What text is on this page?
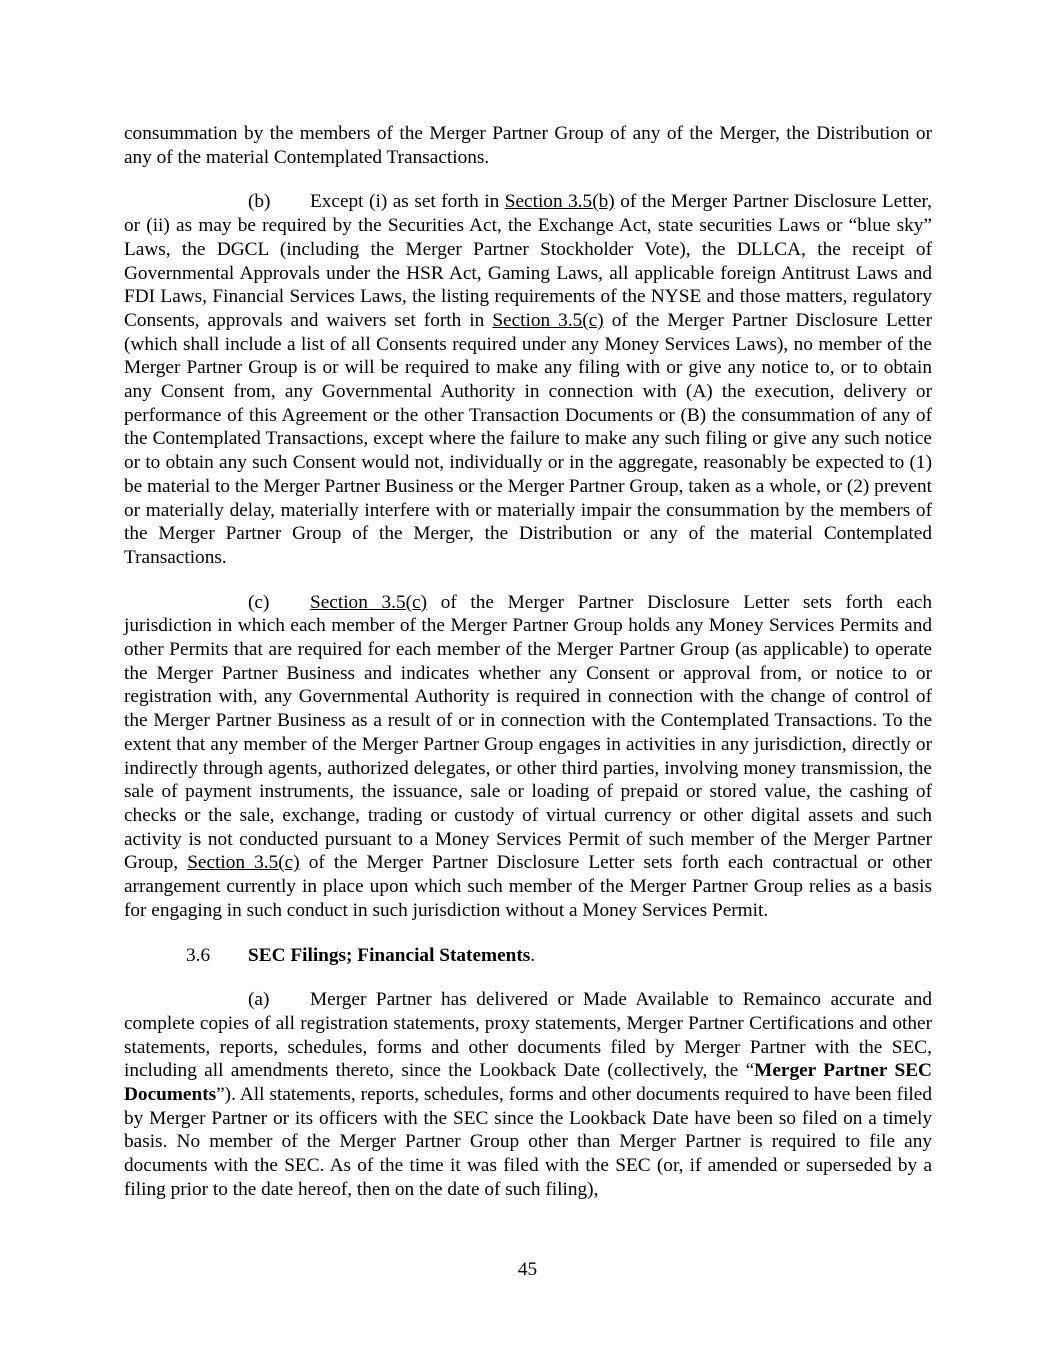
consummation by the members of the Merger Partner Group of any of the Merger, the Distribution or any of the material Contemplated Transactions.

(b) Except (i) as set forth in Section 3.5(b) of the Merger Partner Disclosure Letter, or (ii) as may be required by the Securities Act, the Exchange Act, state securities Laws or “blue sky” Laws, the DGCL (including the Merger Partner Stockholder Vote), the DLLCA, the receipt of Governmental Approvals under the HSR Act, Gaming Laws, all applicable foreign Antitrust Laws and FDI Laws, Financial Services Laws, the listing requirements of the NYSE and those matters, regulatory Consents, approvals and waivers set forth in Section 3.5(c) of the Merger Partner Disclosure Letter (which shall include a list of all Consents required under any Money Services Laws), no member of the Merger Partner Group is or will be required to make any filing with or give any notice to, or to obtain any Consent from, any Governmental Authority in connection with (A) the execution, delivery or performance of this Agreement or the other Transaction Documents or (B) the consummation of any of the Contemplated Transactions, except where the failure to make any such filing or give any such notice or to obtain any such Consent would not, individually or in the aggregate, reasonably be expected to (1) be material to the Merger Partner Business or the Merger Partner Group, taken as a whole, or (2) prevent or materially delay, materially interfere with or materially impair the consummation by the members of the Merger Partner Group of the Merger, the Distribution or any of the material Contemplated Transactions.

(c) Section 3.5(c) of the Merger Partner Disclosure Letter sets forth each jurisdiction in which each member of the Merger Partner Group holds any Money Services Permits and other Permits that are required for each member of the Merger Partner Group (as applicable) to operate the Merger Partner Business and indicates whether any Consent or approval from, or notice to or registration with, any Governmental Authority is required in connection with the change of control of the Merger Partner Business as a result of or in connection with the Contemplated Transactions. To the extent that any member of the Merger Partner Group engages in activities in any jurisdiction, directly or indirectly through agents, authorized delegates, or other third parties, involving money transmission, the sale of payment instruments, the issuance, sale or loading of prepaid or stored value, the cashing of checks or the sale, exchange, trading or custody of virtual currency or other digital assets and such activity is not conducted pursuant to a Money Services Permit of such member of the Merger Partner Group, Section 3.5(c) of the Merger Partner Disclosure Letter sets forth each contractual or other arrangement currently in place upon which such member of the Merger Partner Group relies as a basis for engaging in such conduct in such jurisdiction without a Money Services Permit.

3.6 SEC Filings; Financial Statements.

(a) Merger Partner has delivered or Made Available to Remainco accurate and complete copies of all registration statements, proxy statements, Merger Partner Certifications and other statements, reports, schedules, forms and other documents filed by Merger Partner with the SEC, including all amendments thereto, since the Lookback Date (collectively, the “Merger Partner SEC Documents”). All statements, reports, schedules, forms and other documents required to have been filed by Merger Partner or its officers with the SEC since the Lookback Date have been so filed on a timely basis. No member of the Merger Partner Group other than Merger Partner is required to file any documents with the SEC. As of the time it was filed with the SEC (or, if amended or superseded by a filing prior to the date hereof, then on the date of such filing),

45
